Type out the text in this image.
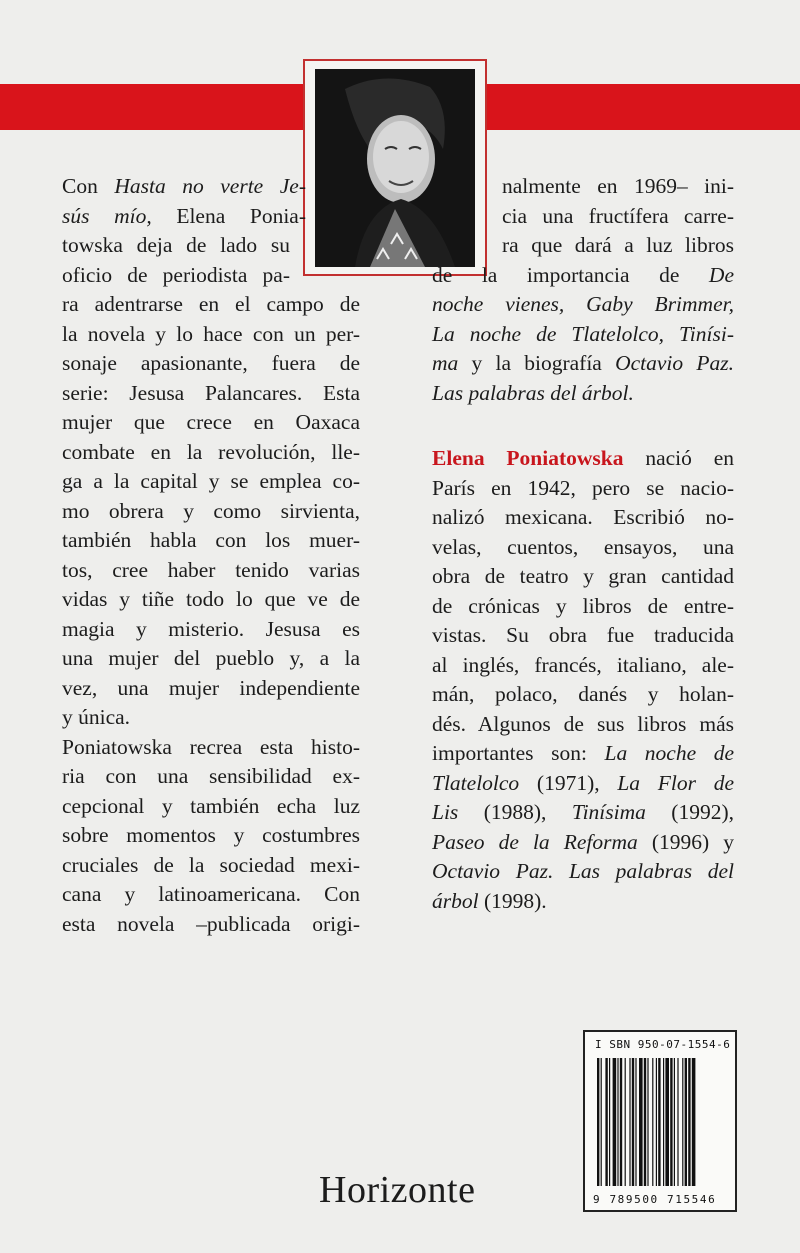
Con Hasta no verte Je-
sús mío, Elena Ponia-
towska deja de lado su
oficio de periodista pa-
ra adentrarse en el campo de
la novela y lo hace con un per-
sonaje apasionante, fuera de
serie: Jesusa Palancares. Esta
mujer que crece en Oaxaca
combate en la revolución, lle-
ga a la capital y se emplea co-
mo obrera y como sirvienta,
también habla con los muer-
tos, cree haber tenido varias
vidas y tiñe todo lo que ve de
magia y misterio. Jesusa es
una mujer del pueblo y, a la
vez, una mujer independiente
y única.
Poniatowska recrea esta histo-
ria con una sensibilidad ex-
cepcional y también echa luz
sobre momentos y costumbres
cruciales de la sociedad mexi-
cana y latinoamericana. Con
esta novela –publicada origi-
nalmente en 1969– ini-
cia una fructífera carre-
ra que dará a luz libros
de la importancia de De
noche vienes, Gaby Brimmer,
La noche de Tlatelolco, Tinísi-
ma y la biografía Octavio Paz.
Las palabras del árbol.
Elena Poniatowska nació en
París en 1942, pero se nacio-
nalizó mexicana. Escribió no-
velas, cuentos, ensayos, una
obra de teatro y gran cantidad
de crónicas y libros de entre-
vistas. Su obra fue traducida
al inglés, francés, italiano, ale-
mán, polaco, danés y holan-
dés. Algunos de sus libros más
importantes son: La noche de
Tlatelolco (1971), La Flor de
Lis (1988), Tinísima (1992),
Paseo de la Reforma (1996) y
Octavio Paz. Las palabras del
árbol (1998).
I SBN 950-07-1554-6
9 789500 715546
Horizonte
